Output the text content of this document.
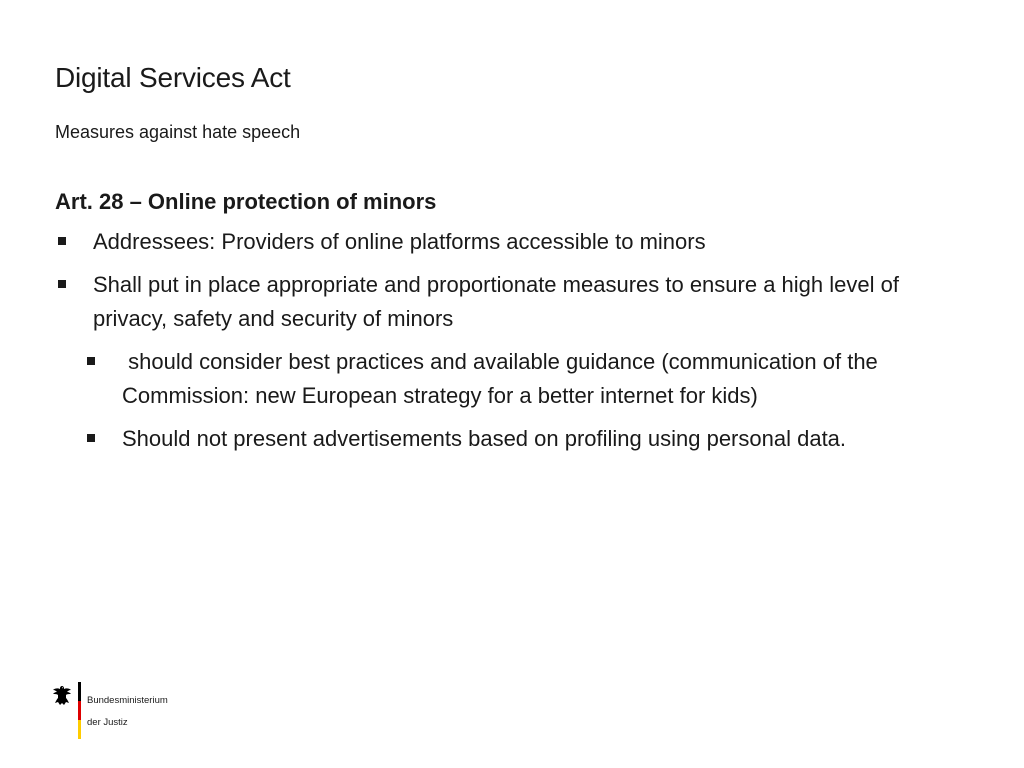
Digital Services Act
Measures against hate speech
Art. 28 – Online protection of minors
Addressees: Providers of online platforms accessible to minors
Shall put in place appropriate and proportionate measures to ensure a high level of privacy, safety and security of minors
should consider best practices and available guidance (communication of the Commission: new European strategy for a better internet for kids)
Should not present advertisements based on profiling using personal data.

Bundesministerium

der Justiz
